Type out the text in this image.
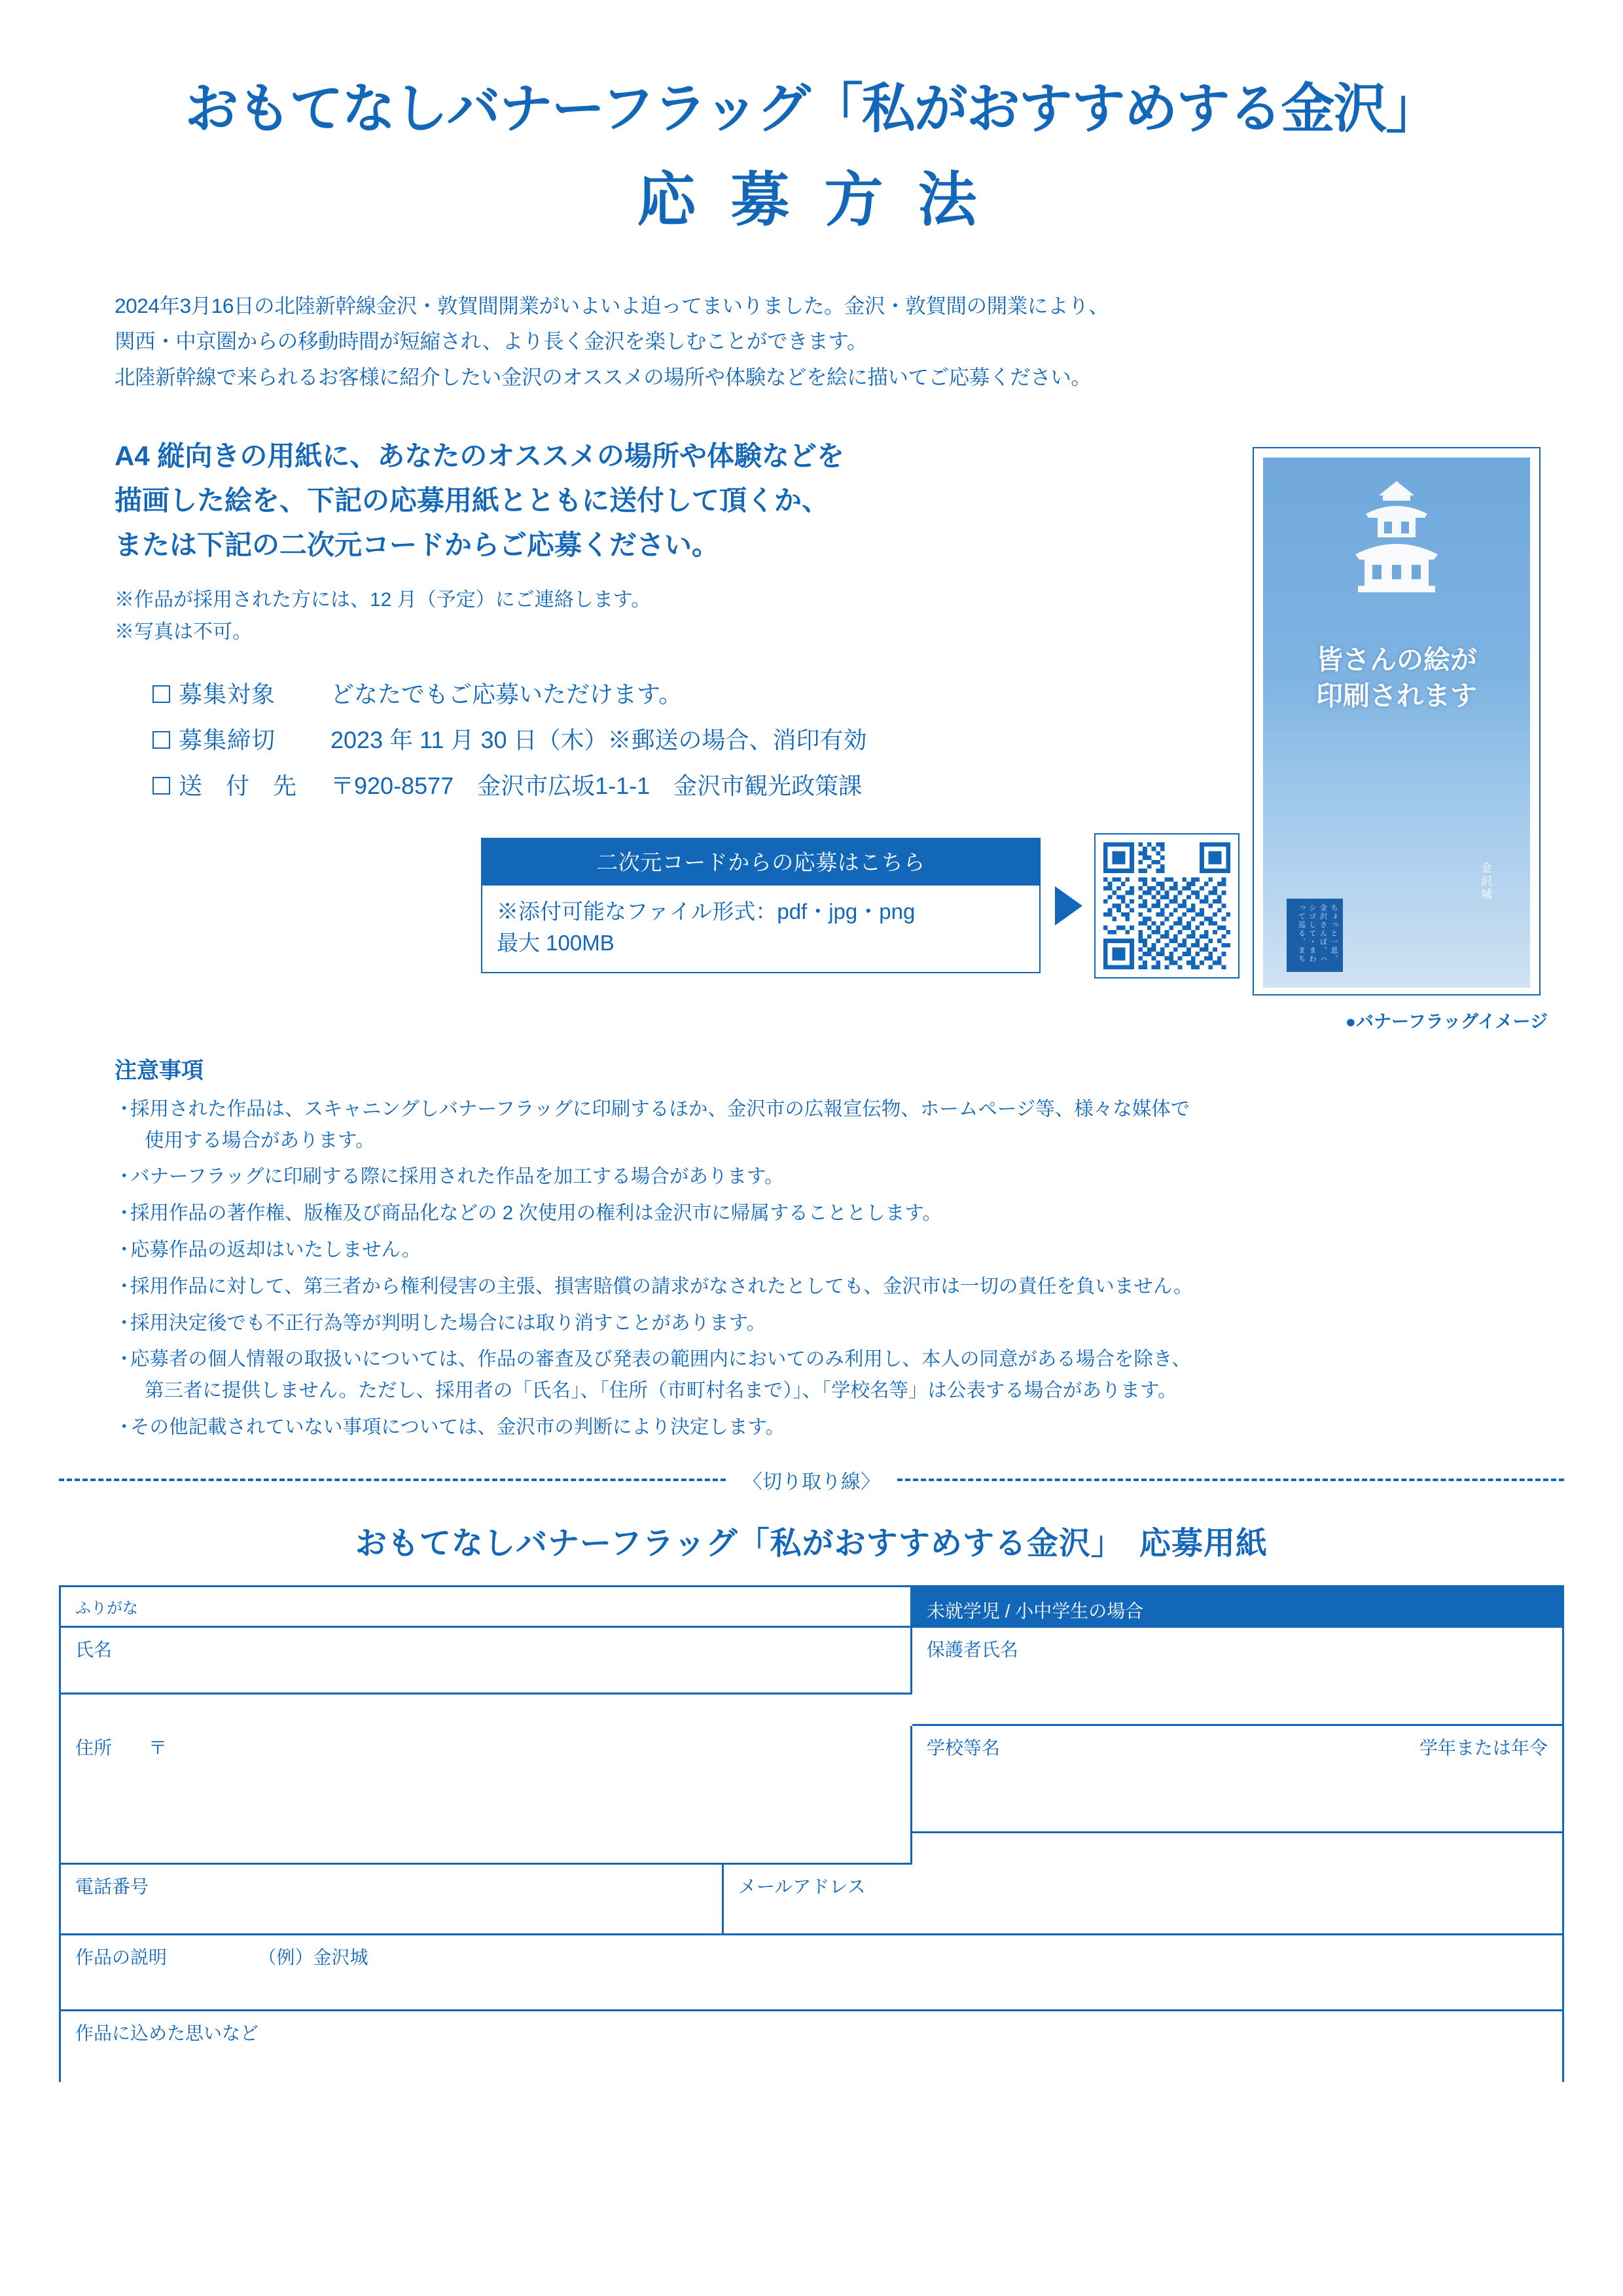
おもてなしバナーフラッグ「私がおすすめする金沢」
応 募 方 法

2024年3月16日の北陸新幹線金沢・敦賀間開業がいよいよ迫ってまいりました。金沢・敦賀間の開業により、

関西・中京圏からの移動時間が短縮され、より長く金沢を楽しむことができます。

北陸新幹線で来られるお客様に紹介したい金沢のオススメの場所や体験などを絵に描いてご応募ください。

A4 縦向きの用紙に、あなたのオススメの場所や体験などを
描画した絵を、下記の応募用紙とともに送付して頂くか、
または下記の二次元コードからご応募ください。
※作品が採用された方には、12 月（予定）にご連絡します。
※写真は不可。
募集対象	どなたでもご応募いただけます。
募集締切	2023 年 11 月 30 日（木） ※郵送の場合、消印有効
送 付 先	〒920-8577　金沢市広坂1-1-1　金沢市観光政策課
二次元コードからの応募はこちら
※添付可能なファイル形式：pdf・jpg・png
最大 100MB
皆さんの絵が
印刷されます
金沢城
ちょっと一息、金沢さんぽ。ハシゴして・まわって巡る、まち
●バナーフラッグイメージ
注意事項
・
採用された作品は、スキャニングしバナーフラッグに印刷するほか、金沢市の広報宣伝物、ホームページ等、様々な媒体で
使用する場合があります。
・
バナーフラッグに印刷する際に採用された作品を加工する場合があります。
・
採用作品の著作権、版権及び商品化などの 2 次使用の権利は金沢市に帰属することとします。
・
応募作品の返却はいたしません。
・
採用作品に対して、第三者から権利侵害の主張、損害賠償の請求がなされたとしても、金沢市は一切の責任を負いません。
・
採用決定後でも不正行為等が判明した場合には取り消すことがあります。
・
応募者の個人情報の取扱いについては、作品の審査及び発表の範囲内においてのみ利用し、本人の同意がある場合を除き、
第三者に提供しません。ただし、採用者の「氏名」、「住所（市町村名まで）」、「学校名等」は公表する場合があります。
・
その他記載されていない事項については、金沢市の判断により決定します。
〈切り取り線〉
おもてなしバナーフラッグ「私がおすすめする金沢」　応募用紙
ふりがな	未就学児 / 小中学生の場合
氏名	保護者氏名
住所　　〒	学校等名	学年または年令
電話番号	メールアドレス
作品の説明	（例）金沢城
作品に込めた思いなど
